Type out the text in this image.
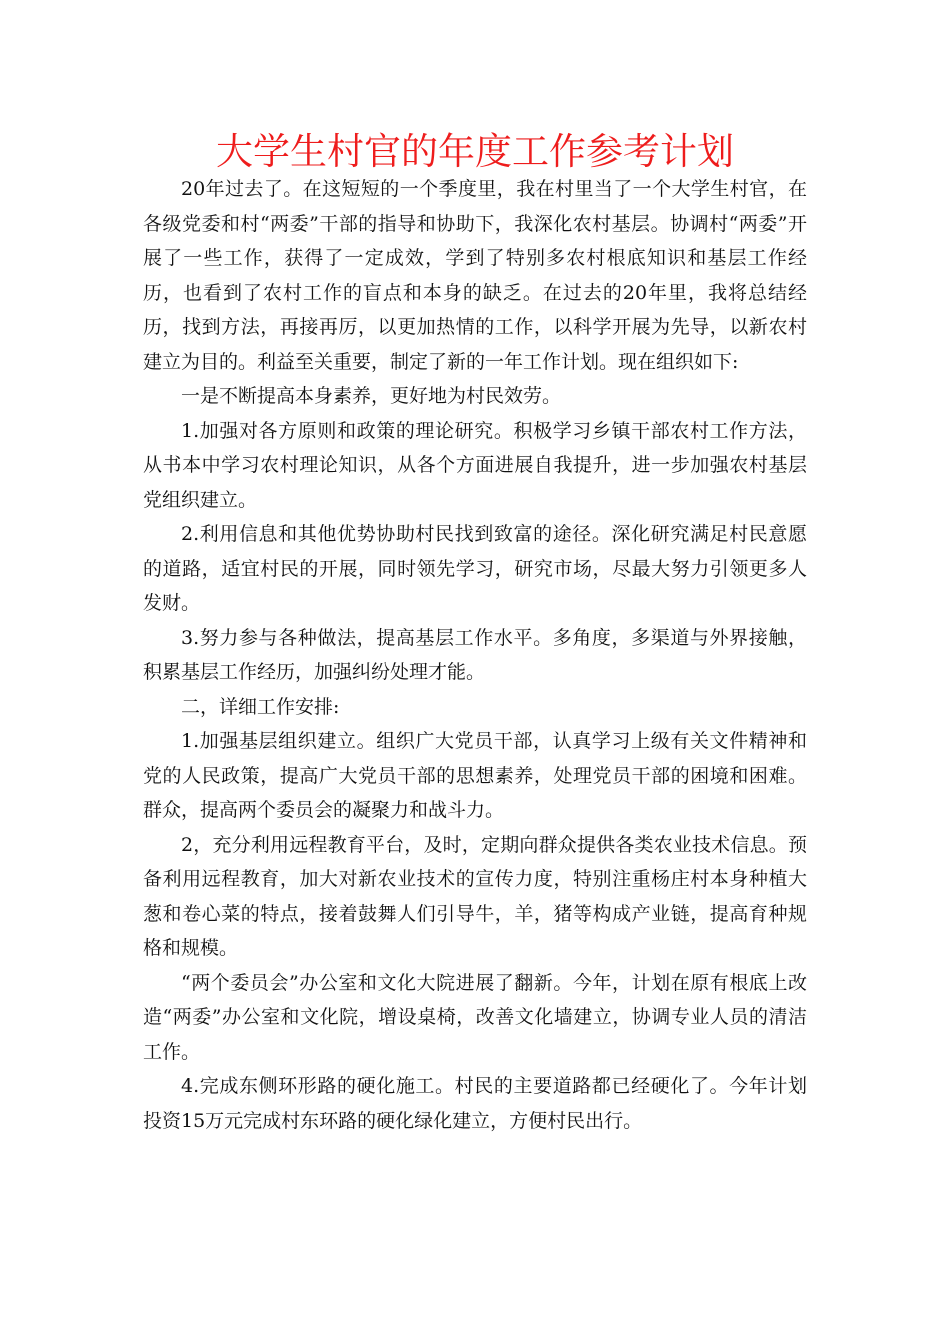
大学生村官的年度工作参考计划

20年过去了。在这短短的一个季度里，我在村里当了一个大学生村官，在各级党委和村“两委”干部的指导和协助下，我深化农村基层。协调村“两委”开展了一些工作，获得了一定成效，学到了特别多农村根底知识和基层工作经历，也看到了农村工作的盲点和本身的缺乏。在过去的20年里，我将总结经历，找到方法，再接再厉，以更加热情的工作，以科学开展为先导，以新农村建立为目的。利益至关重要，制定了新的一年工作计划。现在组织如下:

一是不断提高本身素养，更好地为村民效劳。

1.加强对各方原则和政策的理论研究。积极学习乡镇干部农村工作方法，从书本中学习农村理论知识，从各个方面进展自我提升，进一步加强农村基层党组织建立。

2.利用信息和其他优势协助村民找到致富的途径。深化研究满足村民意愿的道路，适宜村民的开展，同时领先学习，研究市场，尽最大努力引领更多人发财。

3.努力参与各种做法，提高基层工作水平。多角度，多渠道与外界接触，积累基层工作经历，加强纠纷处理才能。

二，详细工作安排:

1.加强基层组织建立。组织广大党员干部，认真学习上级有关文件精神和党的人民政策，提高广大党员干部的思想素养，处理党员干部的困境和困难。群众，提高两个委员会的凝聚力和战斗力。

2，充分利用远程教育平台，及时，定期向群众提供各类农业技术信息。预备利用远程教育，加大对新农业技术的宣传力度，特别注重杨庄村本身种植大葱和卷心菜的特点，接着鼓舞人们引导牛，羊，猪等构成产业链，提高育种规格和规模。

“两个委员会”办公室和文化大院进展了翻新。今年，计划在原有根底上改造“两委”办公室和文化院，增设桌椅，改善文化墙建立，协调专业人员的清洁工作。

4.完成东侧环形路的硬化施工。村民的主要道路都已经硬化了。今年计划投资15万元完成村东环路的硬化绿化建立，方便村民出行。
